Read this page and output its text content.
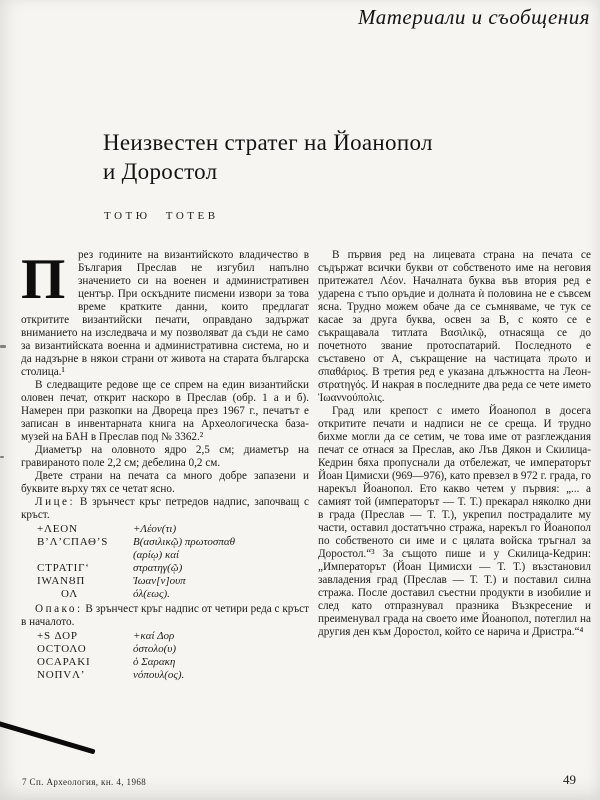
Материали и съобщения
Неизвестен стратег на Йоанопол
и Доростол
ТОТЮ ТОТЕВ

П	рез годините на византийското владичество в България Преслав не изгубил напълно значението си на военен и административен център. При оскъдните писмени извори за това време кратките данни, които предлагат откритите византийски печати, оправдано задържат вниманието на изследвача и му позволяват да съди не само за византийската военна и административна система, но и да надзърне в някои страни от живота на старата българска столица.¹

В следващите редове ще се спрем на един византийски оловен печат, открит наскоро в Преслав (обр. 1 а и б). Намерен при разкопки на Двореца през 1967 г., печатът е записан в инвентарната книга на Археологическа база-музей на БАН в Преслав под № 3362.²

Диаметър на оловното ядро 2,5 см; диаметър на гравираното поле 2,2 см; дебелина 0,2 см.

Двете страни на печата са много добре запазени и буквите върху тях се четат ясно.

Лице: В зрънчест кръг петредов надпис, започващ с кръст.

+ΛΕΟΝ	+Λέον(τι)
Β’Λ’CΠΑΘ’S	Β(ασιλικῷ) πρωτοσπαθ
(αρίῳ) καί
CTPATIΓ‘	στρατηγ(ῷ)
IWANȢΠ	Ἰωαν[ν]ουπ
ΟΛ	όλ(εως).

Опако: В зрънчест кръг надпис от четири реда с кръст в началото.

+S ΔΟΡ	+καί Δορ
ΟCΤΟΛΟ	όστολο(υ)
ΟCΑΡΑΚΙ	ὁ Σαρακη
ΝΟΠVΛ’	νόπουλ(ος).

В първия ред на лицевата страна на печата се съдържат всички букви от собственото име на неговия притежател Λέον. Началната буква във втория ред е ударена с тъпо оръдие и долната ѝ половина не е съвсем ясна. Трудно можем обаче да се съмняваме, че тук се касае за друга буква, освен за В, с която се е съкращавала титлата Βασιλικῷ, отнасяща се до почетното звание протоспатарий. Последното е съставено от Α, съкращение на частицата πρωτο и σπαθάριος. В третия ред е указана длъжността на Леон-στρατηγός. И накрая в последните два реда се чете името Ἰωαννούπολις.

Град или крепост с името Йоанопол в досега откритите печати и надписи не се среща. И трудно бихме могли да се сетим, че това име от разглеждания печат се отнася за Преслав, ако Лъв Дякон и Скилица-Кедрин бяха пропуснали да отбележат, че императорът Йоан Цимисхи (969—976), като превзел в 972 г. града, го нарекъл Йоанопол. Ето какво четем у първия: „... а самият той (императорът — Т. Т.) прекарал няколко дни в града (Преслав — Т. Т.), укрепил пострадалите му части, оставил достатъчно стража, нарекъл го Йоанопол по собственото си име и с цялата войска тръгнал за Доростол.“³ За същото пише и у Скилица-Кедрин: „Императорът (Йоан Цимисхи — Т. Т.) възстановил завладения град (Преслав — Т. Т.) и поставил силна стража. После доставил съестни продукти в изобилие и след като отпразнувал празника Възкресение и преименувал града на своето име Йоанопол, потеглил на другия ден към Доростол, който се нарича и Дристра.“⁴

7 Сп. Археология, кн. 4, 1968	49
